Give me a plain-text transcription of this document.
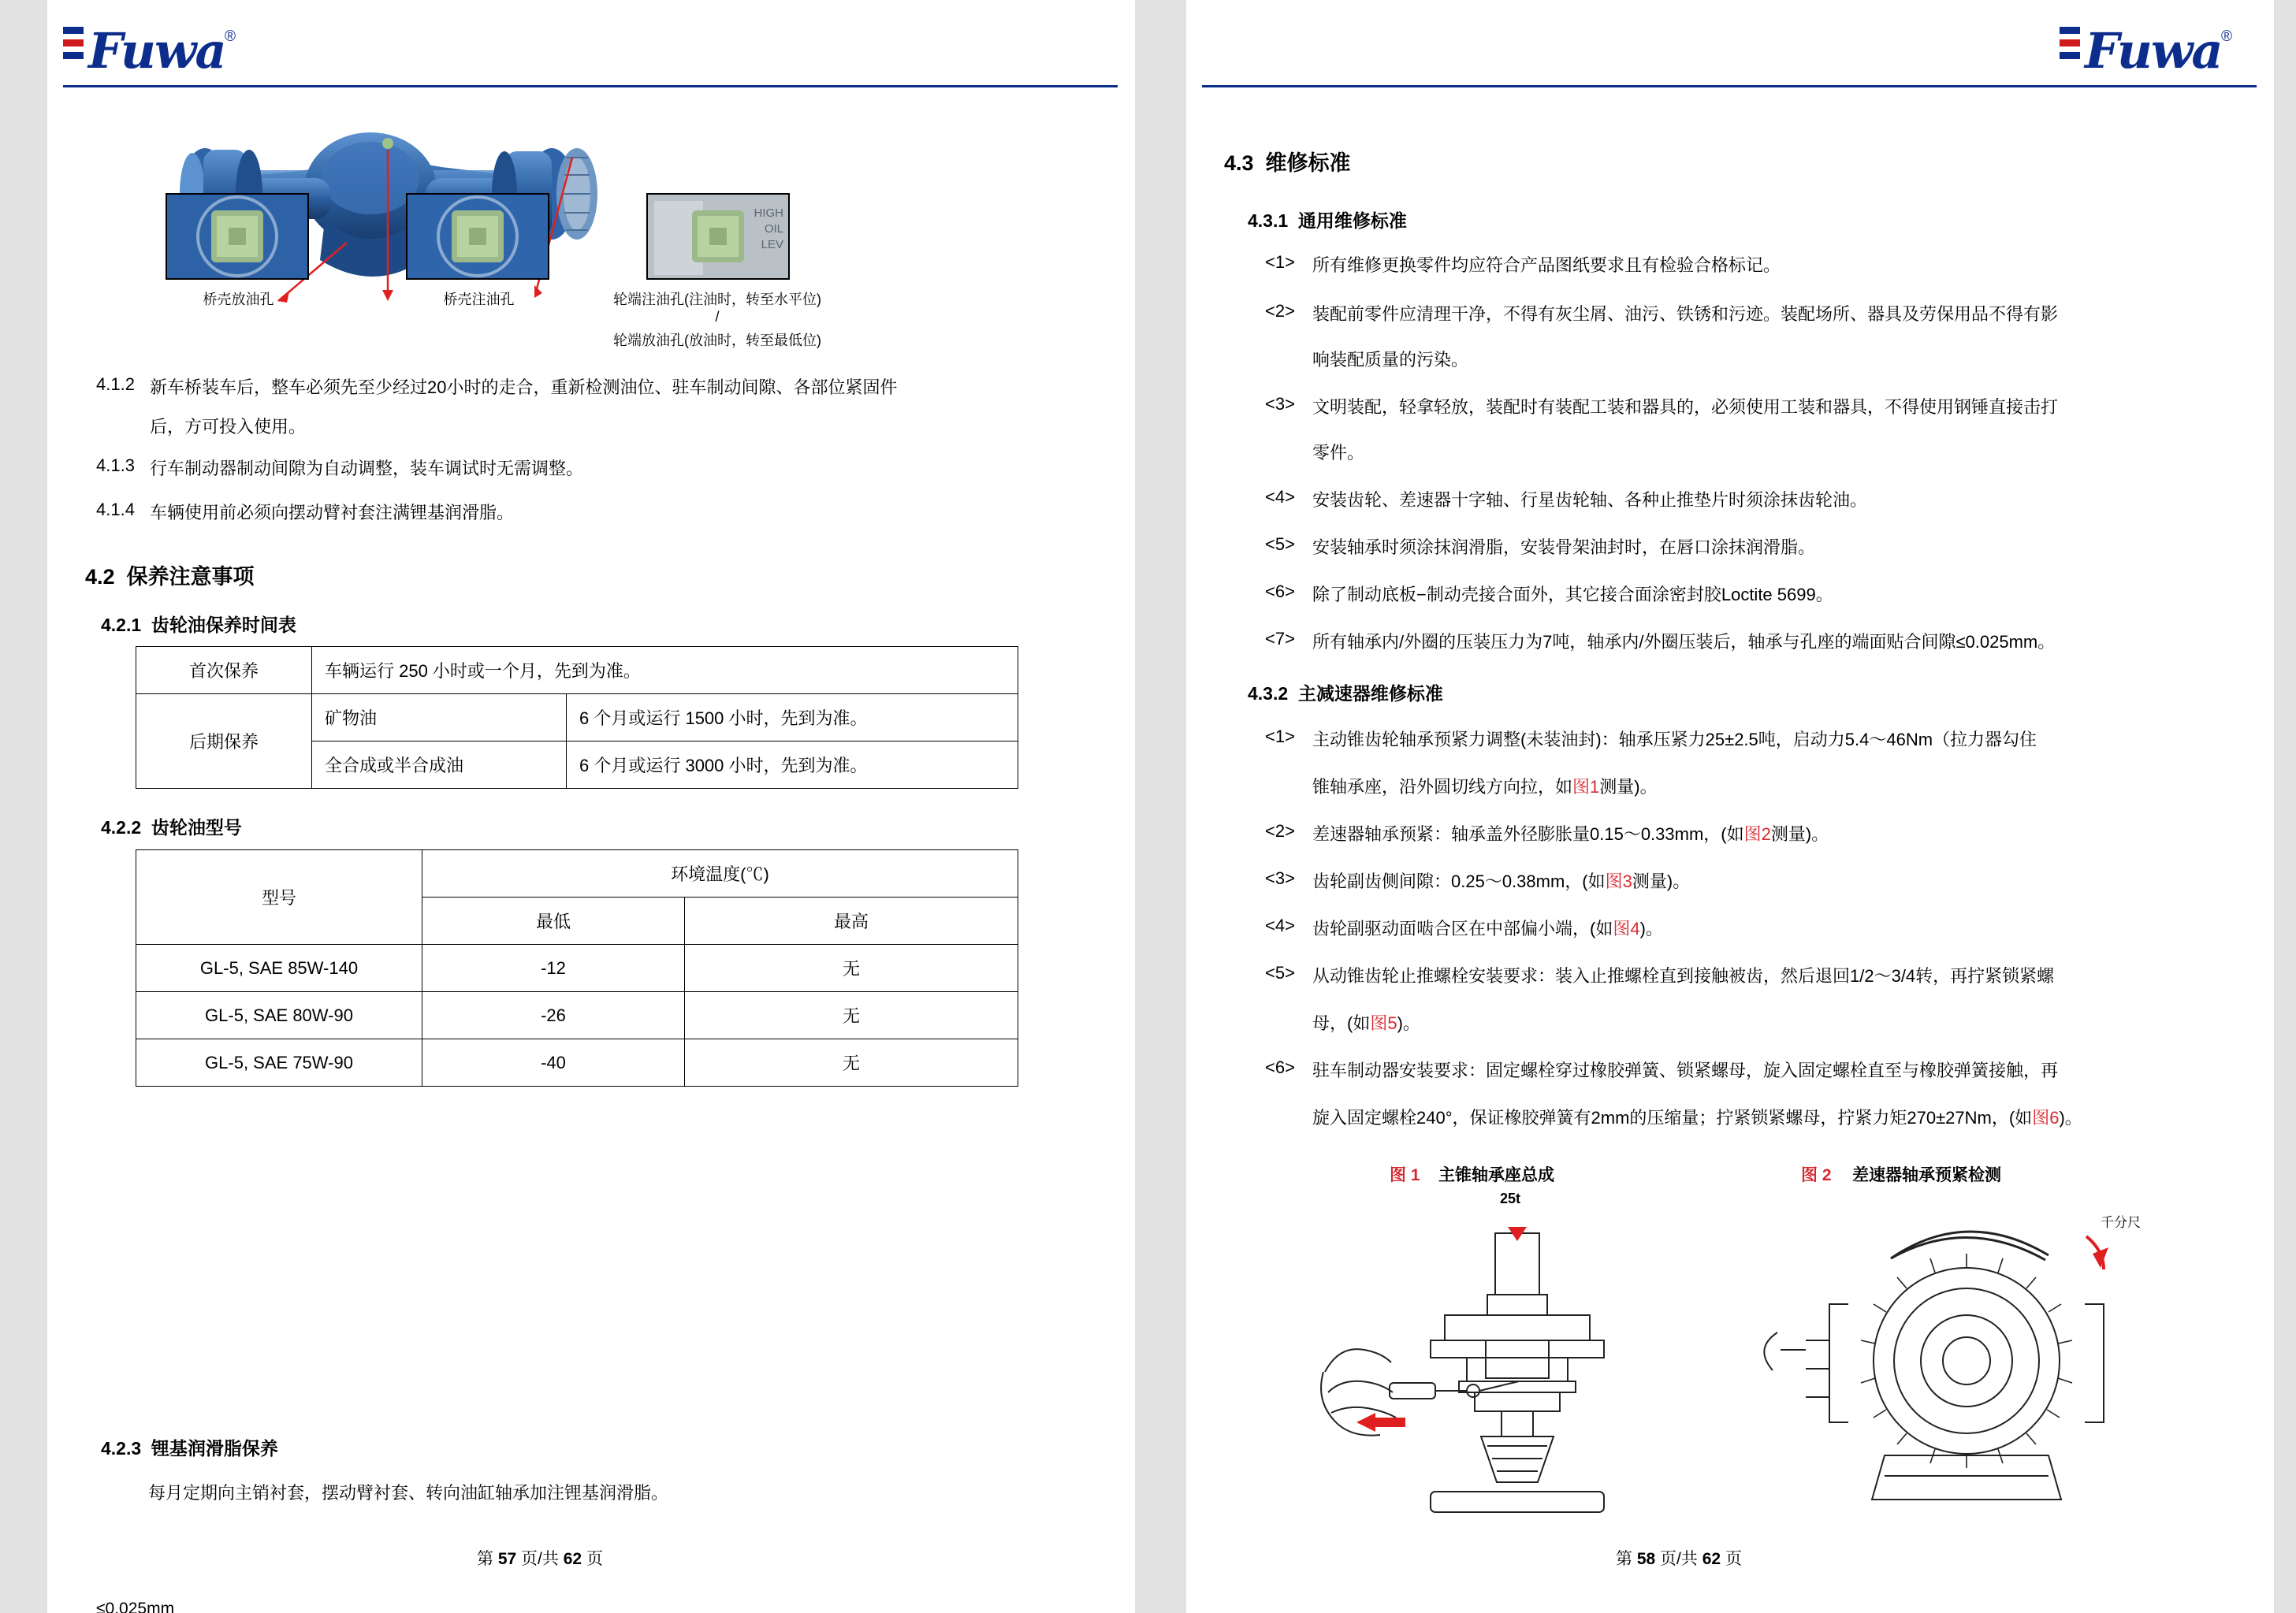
Fuwa ®
桥壳放油孔	桥壳注油孔
HIGH
OIL
LEV
轮端注油孔(注油时，转至水平位)
/
轮端放油孔(放油时，转至最低位)
4.1.2 新车桥装车后，整车必须先至少经过20小时的走合，重新检测油位、驻车制动间隙、各部位紧固件
后，方可投入使用。
4.1.3 行车制动器制动间隙为自动调整，装车调试时无需调整。
4.1.4 车辆使用前必须向摆动臂衬套注满锂基润滑脂。
4.2  保养注意事项
4.2.1  齿轮油保养时间表
首次保养	车辆运行 250 小时或一个月，先到为准。	
后期保养	矿物油	6 个月或运行 1500 小时，先到为准。
	全合成或半合成油	6 个月或运行 3000 小时，先到为准。
4.2.2  齿轮油型号
型号	环境温度(℃)	
	最低	最高
GL-5, SAE 85W-140	-12	无
GL-5, SAE 80W-90	-26	无
GL-5, SAE 75W-90	-40	无
4.2.3  锂基润滑脂保养
每月定期向主销衬套，摆动臂衬套、转向油缸轴承加注锂基润滑脂。
第 57 页/共 62 页
≤0.025mm
Fuwa ®
4.3  维修标准
4.3.1  通用维修标准
<1> 所有维修更换零件均应符合产品图纸要求且有检验合格标记。
<2> 装配前零件应清理干净，不得有灰尘屑、油污、铁锈和污迹。装配场所、器具及劳保用品不得有影
响装配质量的污染。
<3> 文明装配，轻拿轻放，装配时有装配工装和器具的，必须使用工装和器具，不得使用钢锤直接击打
零件。
<4> 安装齿轮、差速器十字轴、行星齿轮轴、各种止推垫片时须涂抹齿轮油。
<5> 安装轴承时须涂抹润滑脂，安装骨架油封时，在唇口涂抹润滑脂。
<6> 除了制动底板−制动壳接合面外，其它接合面涂密封胶Loctite 5699。
<7> 所有轴承内/外圈的压装压力为7吨，轴承内/外圈压装后，轴承与孔座的端面贴合间隙≤0.025mm。
4.3.2  主减速器维修标准
<1> 主动锥齿轮轴承预紧力调整(未装油封)：轴承压紧力25±2.5吨，启动力5.4～46Nm（拉力器勾住
锥轴承座，沿外圆切线方向拉，如图1测量)。
<2> 差速器轴承预紧：轴承盖外径膨胀量0.15～0.33mm，(如图2测量)。
<3> 齿轮副齿侧间隙：0.25～0.38mm，(如图3测量)。
<4> 齿轮副驱动面啮合区在中部偏小端，(如图4)。
<5> 从动锥齿轮止推螺栓安装要求：装入止推螺栓直到接触被齿，然后退回1/2～3/4转，再拧紧锁紧螺
母，(如图5)。
<6> 驻车制动器安装要求：固定螺栓穿过橡胶弹簧、锁紧螺母，旋入固定螺栓直至与橡胶弹簧接触，再
旋入固定螺栓240°，保证橡胶弹簧有2mm的压缩量；拧紧锁紧螺母，拧紧力矩270±27Nm，(如图6)。
图 1 主锥轴承座总成	图 2 差速器轴承预紧检测
25t
千分尺
第 58 页/共 62 页
